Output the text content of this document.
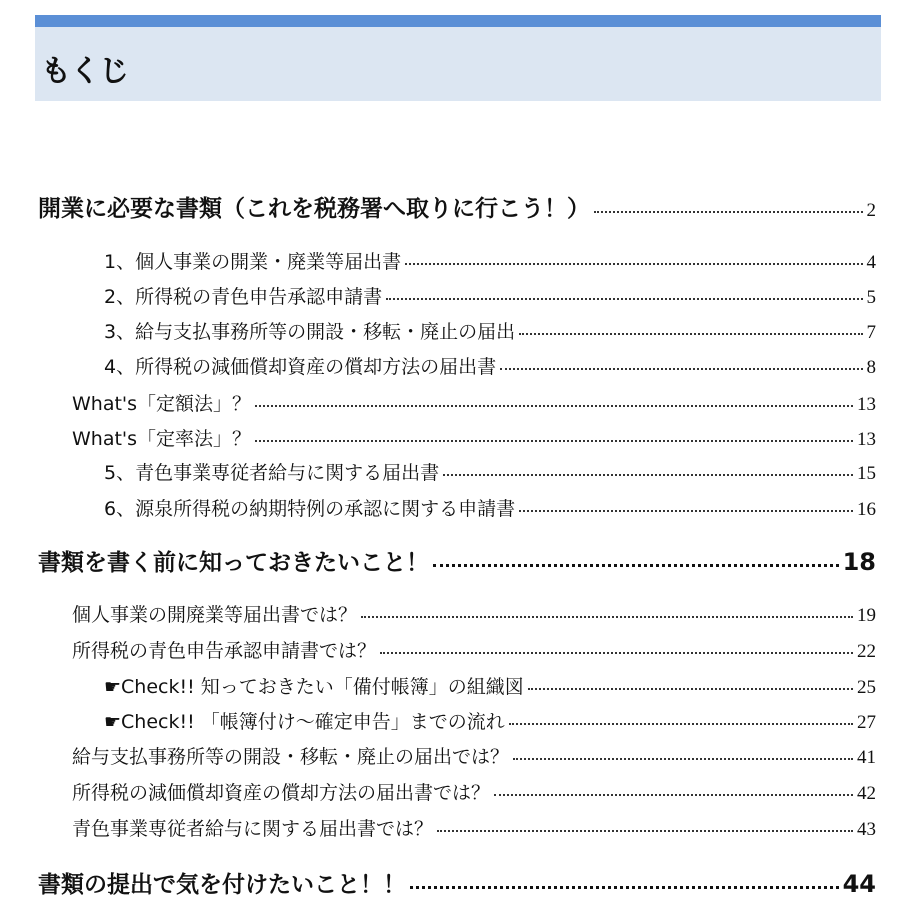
もくじ
開業に必要な書類（これを税務署へ取りに行こう！）	2
1、個人事業の開業・廃業等届出書	4
2、所得税の青色申告承認申請書	5
3、給与支払事務所等の開設・移転・廃止の届出	7
4、所得税の減価償却資産の償却方法の届出書	8
What's「定額法」？	13
What's「定率法」？	13
5、青色事業専従者給与に関する届出書	15
6、源泉所得税の納期特例の承認に関する申請書	16
書類を書く前に知っておきたいこと！	18
個人事業の開廃業等届出書では？	19
所得税の青色申告承認申請書では？	22
☛Check!! 知っておきたい「備付帳簿」の組織図	25
☛Check!! 「帳簿付け～確定申告」までの流れ	27
給与支払事務所等の開設・移転・廃止の届出では？	41
所得税の減価償却資産の償却方法の届出書では？	42
青色事業専従者給与に関する届出書では？	43
書類の提出で気を付けたいこと！！	44
